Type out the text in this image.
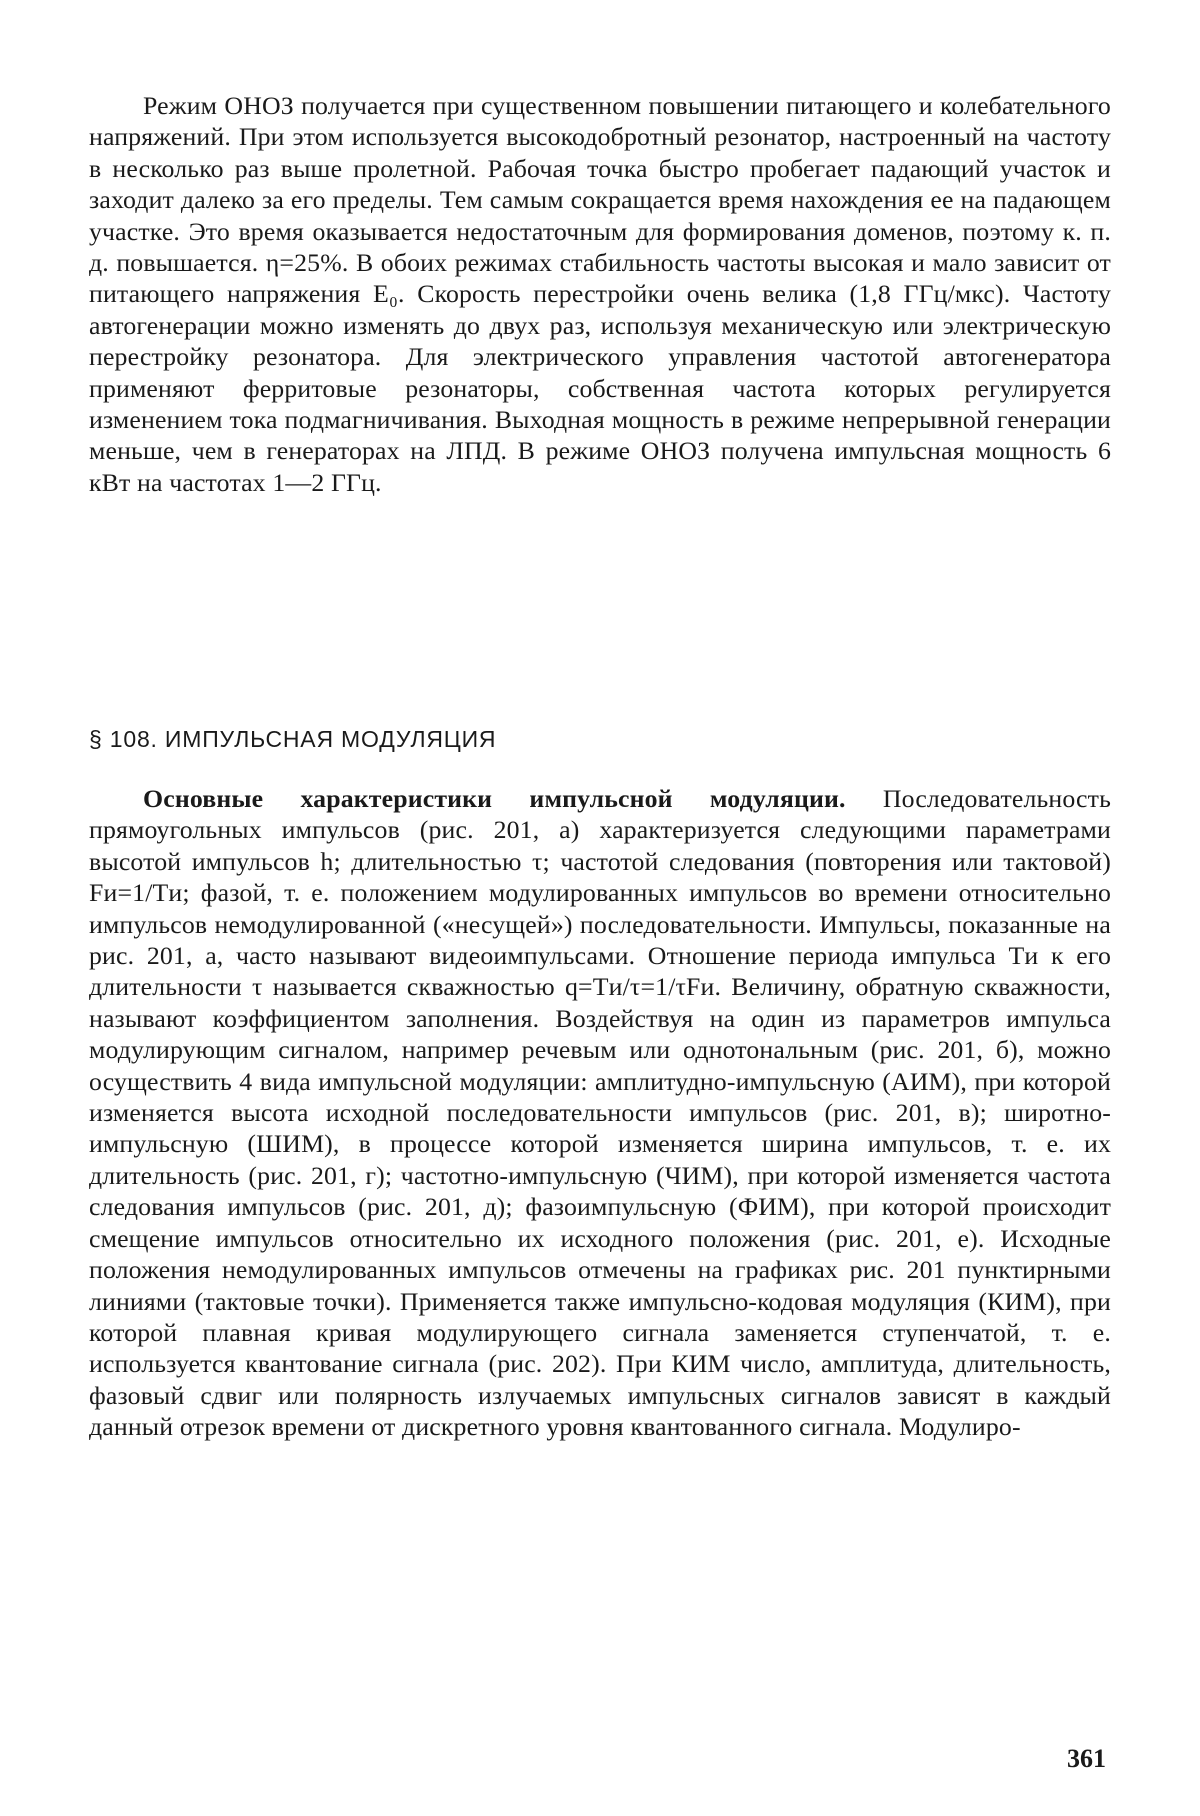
Режим ОНОЗ получается при существенном повышении питающего и колебательного напряжений. При этом используется высокодобротный резонатор, настроенный на частоту в несколько раз выше пролетной. Рабочая точка быстро пробегает падающий участок и заходит далеко за его пределы. Тем самым сокращается время нахождения ее на падающем участке. Это время оказывается недостаточным для формирования доменов, поэтому к. п. д. повышается. η=25%. В обоих режимах стабильность частоты высокая и мало зависит от питающего напряжения E₀. Скорость перестройки очень велика (1,8 ГГц/мкс). Частоту автогенерации можно изменять до двух раз, используя механическую или электрическую перестройку резонатора. Для электрического управления частотой автогенератора применяют ферритовые резонаторы, собственная частота которых регулируется изменением тока подмагничивания. Выходная мощность в режиме непрерывной генерации меньше, чем в генераторах на ЛПД. В режиме ОНОЗ получена импульсная мощность 6 кВт на частотах 1—2 ГГц.

§ 108. ИМПУЛЬСНАЯ МОДУЛЯЦИЯ

Основные характеристики импульсной модуляции. Последовательность прямоугольных импульсов (рис. 201, а) характеризуется следующими параметрами высотой импульсов h; длительностью τ; частотой следования (повторения или тактовой) Fи=1/Tи; фазой, т. е. положением модулированных импульсов во времени относительно импульсов немодулированной («несущей») последовательности. Импульсы, показанные на рис. 201, а, часто называют видеоимпульсами. Отношение периода импульса Tи к его длительности τ называется скважностью q=Tи/τ=1/τFи. Величину, обратную скважности, называют коэффициентом заполнения. Воздействуя на один из параметров импульса модулирующим сигналом, например речевым или однотональным (рис. 201, б), можно осуществить 4 вида импульсной модуляции: амплитудно-импульсную (АИМ), при которой изменяется высота исходной последовательности импульсов (рис. 201, в); широтно-импульсную (ШИМ), в процессе которой изменяется ширина импульсов, т. е. их длительность (рис. 201, г); частотно-импульсную (ЧИМ), при которой изменяется частота следования импульсов (рис. 201, д); фазоимпульсную (ФИМ), при которой происходит смещение импульсов относительно их исходного положения (рис. 201, е). Исходные положения немодулированных импульсов отмечены на графиках рис. 201 пунктирными линиями (тактовые точки). Применяется также импульсно-кодовая модуляция (КИМ), при которой плавная кривая модулирующего сигнала заменяется ступенчатой, т. е. используется квантование сигнала (рис. 202). При КИМ число, амплитуда, длительность, фазовый сдвиг или полярность излучаемых импульсных сигналов зависят в каждый данный отрезок времени от дискретного уровня квантованного сигнала. Модулиро-

361
